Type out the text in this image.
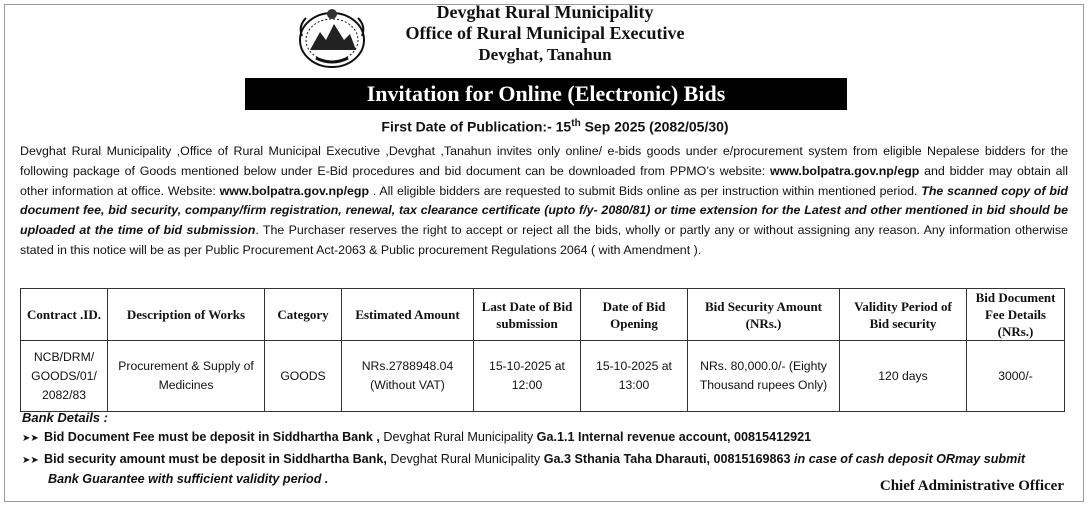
Devghat Rural Municipality
Office of Rural Municipal Executive
Devghat, Tanahun
Invitation for Online (Electronic) Bids
First Date of Publication:- 15th Sep 2025 (2082/05/30)
Devghat Rural Municipality ,Office of Rural Municipal Executive ,Devghat ,Tanahun invites only online/ e-bids goods under e/procurement system from eligible Nepalese bidders for the following package of Goods mentioned below under E-Bid procedures and bid document can be downloaded from PPMO’s website: www.bolpatra.gov.np/egp and bidder may obtain all other information at office. Website: www.bolpatra.gov.np/egp . All eligible bidders are requested to submit Bids online as per instruction within mentioned period. The scanned copy of bid document fee, bid security, company/firm registration, renewal, tax clearance certificate (upto f/y- 2080/81) or time extension for the Latest and other mentioned in bid should be uploaded at the time of bid submission. The Purchaser reserves the right to accept or reject all the bids, wholly or partly any or without assigning any reason. Any information otherwise stated in this notice will be as per Public Procurement Act-2063 & Public procurement Regulations 2064 ( with Amendment ).
Contract .ID.	Description of Works	Category	Estimated Amount	Last Date of Bid submission	Date of Bid Opening	Bid Security Amount (NRs.)	Validity Period of Bid security	Bid Document Fee Details (NRs.)
NCB/DRM/ GOODS/01/ 2082/83	Procurement & Supply of Medicines	GOODS	NRs.2788948.04 (Without VAT)	15-10-2025 at 12:00	15-10-2025 at 13:00	NRs. 80,000.0/- (Eighty Thousand rupees Only)	120 days	3000/-
Bank Details :
➤➤ Bid Document Fee must be deposit in Siddhartha Bank , Devghat Rural Municipality Ga.1.1 Internal revenue account, 00815412921
➤➤ Bid security amount must be deposit in Siddhartha Bank, Devghat Rural Municipality Ga.3 Sthania Taha Dharauti, 00815169863 in case of cash deposit ORmay submit
Bank Guarantee with sufficient validity period .	Chief Administrative Officer
